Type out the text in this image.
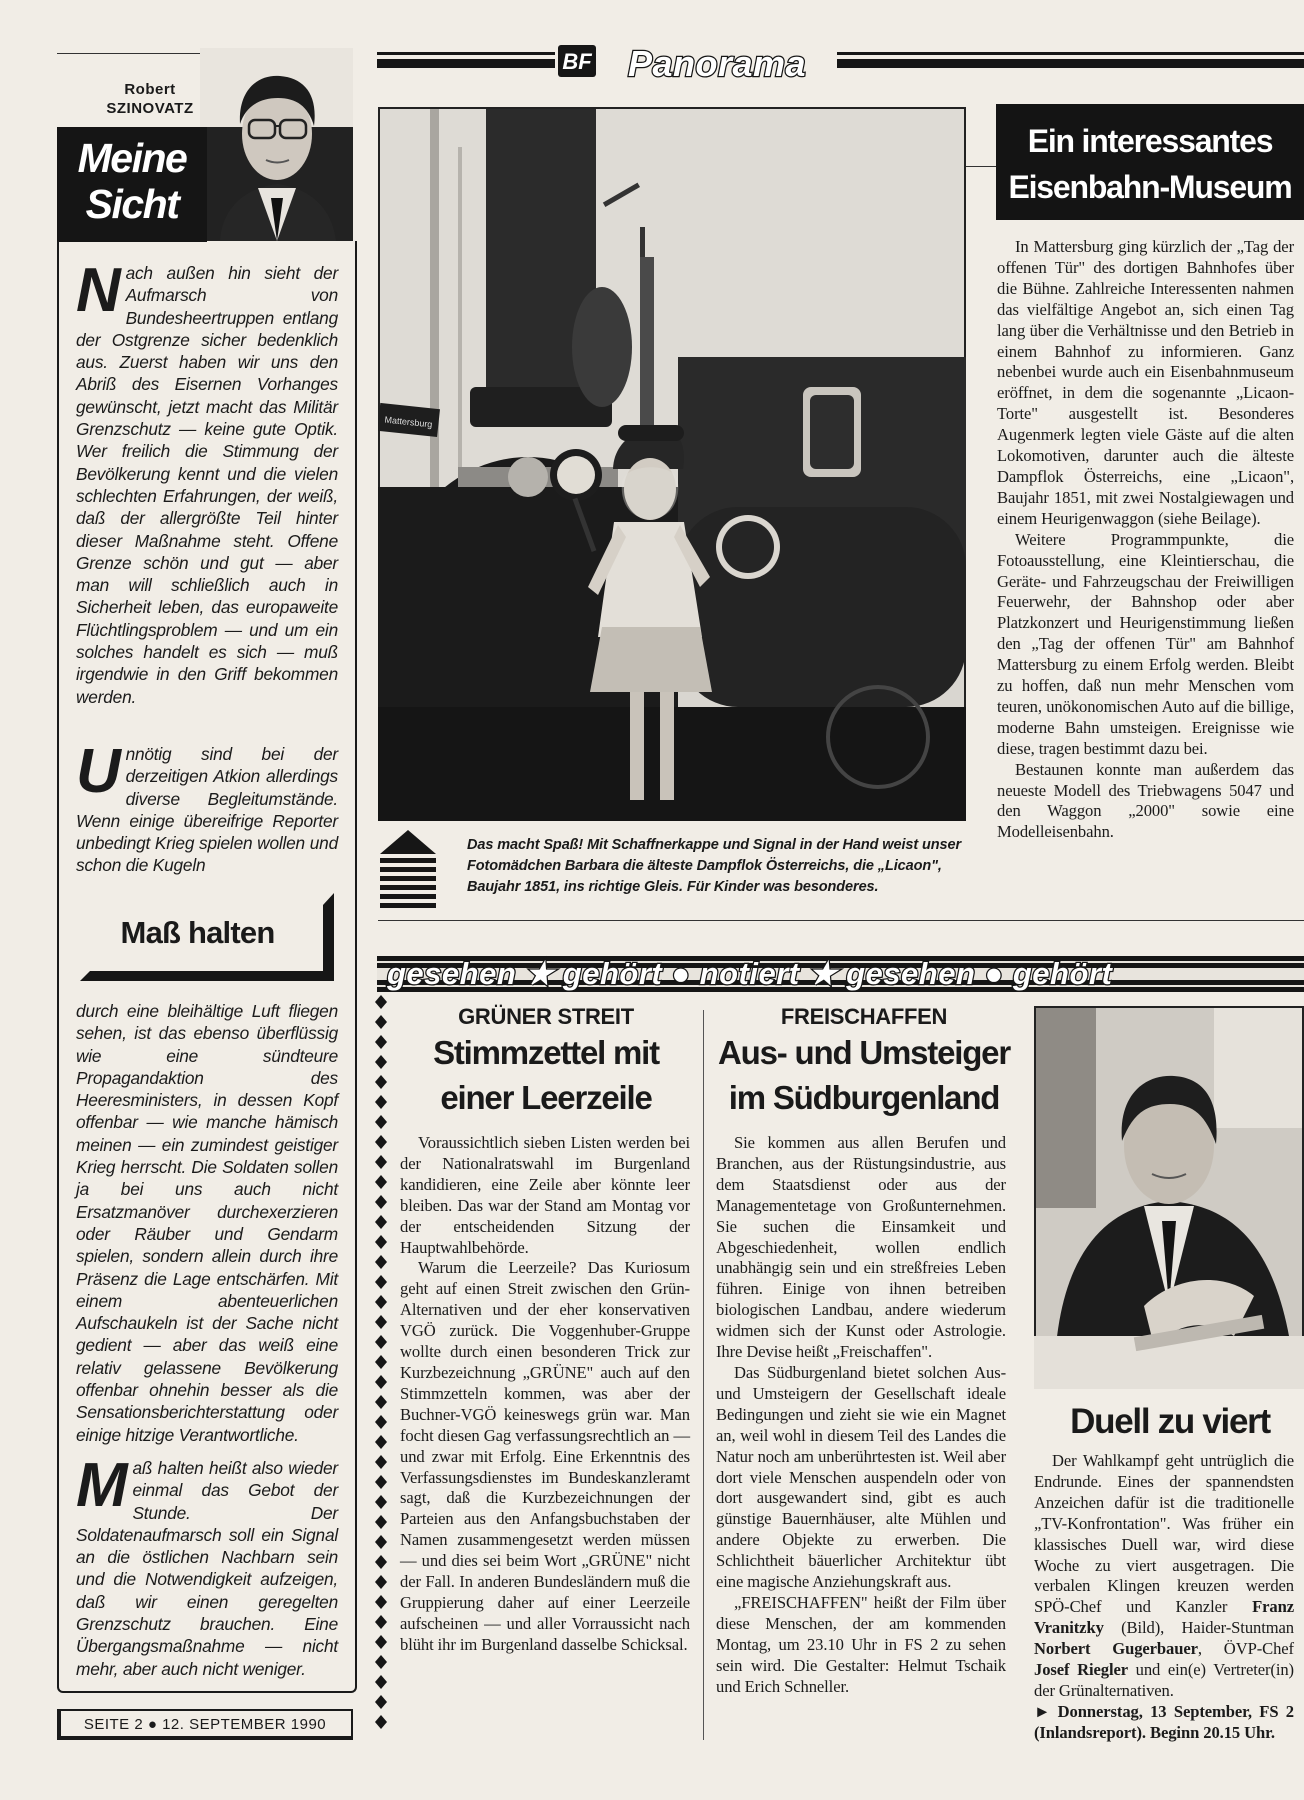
Robert
SZINOVATZ
Meine
Sicht
Nach außen hin sieht der Aufmarsch von Bundesheertruppen entlang der Ostgrenze sicher bedenklich aus. Zuerst haben wir uns den Abriß des Eisernen Vorhanges gewünscht, jetzt macht das Militär Grenzschutz — keine gute Optik. Wer freilich die Stimmung der Bevölkerung kennt und die vielen schlechten Erfahrungen, der weiß, daß der allergrößte Teil hinter dieser Maßnahme steht. Offene Grenze schön und gut — aber man will schließlich auch in Sicherheit leben, das europaweite Flüchtlingsproblem — und um ein solches handelt es sich — muß irgendwie in den Griff bekommen werden.
Unnötig sind bei der derzeitigen Atkion allerdings diverse Begleitumstände. Wenn einige übereifrige Reporter unbedingt Krieg spielen wollen und schon die Kugeln
Maß halten
durch eine bleihältige Luft fliegen sehen, ist das ebenso überflüssig wie eine sündteure Propagandaktion des Heeresministers, in dessen Kopf offenbar — wie manche hämisch meinen — ein zumindest geistiger Krieg herrscht. Die Soldaten sollen ja bei uns auch nicht Ersatzmanöver durchexerzieren oder Räuber und Gendarm spielen, sondern allein durch ihre Präsenz die Lage entschärfen. Mit einem abenteuerlichen Aufschaukeln ist der Sache nicht gedient — aber das weiß eine relativ gelassene Bevölkerung offenbar ohnehin besser als die Sensationsberichterstattung oder einige hitzige Verantwortliche.
Maß halten heißt also wieder einmal das Gebot der Stunde. Der Soldatenaufmarsch soll ein Signal an die östlichen Nachbarn sein und die Notwendigkeit aufzeigen, daß wir einen geregelten Grenzschutz brauchen. Eine Übergangsmaßnahme — nicht mehr, aber auch nicht weniger.
SEITE 2 ● 12. SEPTEMBER 1990
BF Panorama
Mattersburg
Das macht Spaß! Mit Schaffnerkappe und Signal in der Hand weist unser Fotomädchen Barbara die älteste Dampflok Österreichs, die „Licaon", Baujahr 1851, ins richtige Gleis. Für Kinder was besonderes.
Ein interessantes
Eisenbahn-Museum

In Mattersburg ging kürzlich der „Tag der offenen Tür" des dortigen Bahnhofes über die Bühne. Zahlreiche Interessenten nahmen das vielfältige Angebot an, sich einen Tag lang über die Verhältnisse und den Betrieb in einem Bahnhof zu informieren. Ganz nebenbei wurde auch ein Eisenbahnmuseum eröffnet, in dem die sogenannte „Licaon-Torte" ausgestellt ist. Besonderes Augenmerk legten viele Gäste auf die alten Lokomotiven, darunter auch die älteste Dampflok Österreichs, eine „Licaon", Baujahr 1851, mit zwei Nostalgiewagen und einem Heurigenwaggon (siehe Beilage).

Weitere Programmpunkte, die Fotoausstellung, eine Kleintierschau, die Geräte- und Fahrzeugschau der Freiwilligen Feuerwehr, der Bahnshop oder aber Platzkonzert und Heurigenstimmung ließen den „Tag der offenen Tür" am Bahnhof Mattersburg zu einem Erfolg werden. Bleibt zu hoffen, daß nun mehr Menschen vom teuren, unökonomischen Auto auf die billige, moderne Bahn umsteigen. Ereignisse wie diese, tragen bestimmt dazu bei.

Bestaunen konnte man außerdem das neueste Modell des Triebwagens 5047 und den Waggon „2000" sowie eine Modelleisenbahn.

gesehen ★ gehört ● notiert ★ gesehen ● gehört
GRÜNER STREIT
Stimmzettel mit
einer Leerzeile

Voraussichtlich sieben Listen werden bei der Nationalratswahl im Burgenland kandidieren, eine Zeile aber könnte leer bleiben. Das war der Stand am Montag vor der entscheidenden Sitzung der Hauptwahlbehörde.

Warum die Leerzeile? Das Kuriosum geht auf einen Streit zwischen den Grün-Alternativen und der eher konservativen VGÖ zurück. Die Voggenhuber-Gruppe wollte durch einen besonderen Trick zur Kurzbezeichnung „GRÜNE" auch auf den Stimmzetteln kommen, was aber der Buchner-VGÖ keineswegs grün war. Man focht diesen Gag verfassungsrechtlich an — und zwar mit Erfolg. Eine Erkenntnis des Verfassungsdienstes im Bundeskanzleramt sagt, daß die Kurzbezeichnungen der Parteien aus den Anfangsbuchstaben der Namen zusammengesetzt werden müssen — und dies sei beim Wort „GRÜNE" nicht der Fall. In anderen Bundesländern muß die Gruppierung daher auf einer Leerzeile aufscheinen — und aller Vorraussicht nach blüht ihr im Burgenland dasselbe Schicksal.

FREISCHAFFEN
Aus- und Umsteiger
im Südburgenland

Sie kommen aus allen Berufen und Branchen, aus der Rüstungsindustrie, aus dem Staatsdienst oder aus der Managementetage von Großunternehmen. Sie suchen die Einsamkeit und Abgeschiedenheit, wollen endlich unabhängig sein und ein streßfreies Leben führen. Einige von ihnen betreiben biologischen Landbau, andere wiederum widmen sich der Kunst oder Astrologie. Ihre Devise heißt „Freischaffen".

Das Südburgenland bietet solchen Aus- und Umsteigern der Gesellschaft ideale Bedingungen und zieht sie wie ein Magnet an, weil wohl in diesem Teil des Landes die Natur noch am unberührtesten ist. Weil aber dort viele Menschen auspendeln oder von dort ausgewandert sind, gibt es auch günstige Bauernhäuser, alte Mühlen und andere Objekte zu erwerben. Die Schlichtheit bäuerlicher Architektur übt eine magische Anziehungskraft aus.

„FREISCHAFFEN" heißt der Film über diese Menschen, der am kommenden Montag, um 23.10 Uhr in FS 2 zu sehen sein wird. Die Gestalter: Helmut Tschaik und Erich Schneller.

Duell zu viert

Der Wahlkampf geht untrüglich die Endrunde. Eines der spannendsten Anzeichen dafür ist die traditionelle „TV-Konfrontation". Was früher ein klassisches Duell war, wird diese Woche zu viert ausgetragen. Die verbalen Klingen kreuzen werden SPÖ-Chef und Kanzler Franz Vranitzky (Bild), Haider-Stuntman Norbert Gugerbauer, ÖVP-Chef Josef Riegler und ein(e) Vertreter(in) der Grünalternativen.

► Donnerstag, 13 September, FS 2 (Inlandsreport). Beginn 20.15 Uhr.
